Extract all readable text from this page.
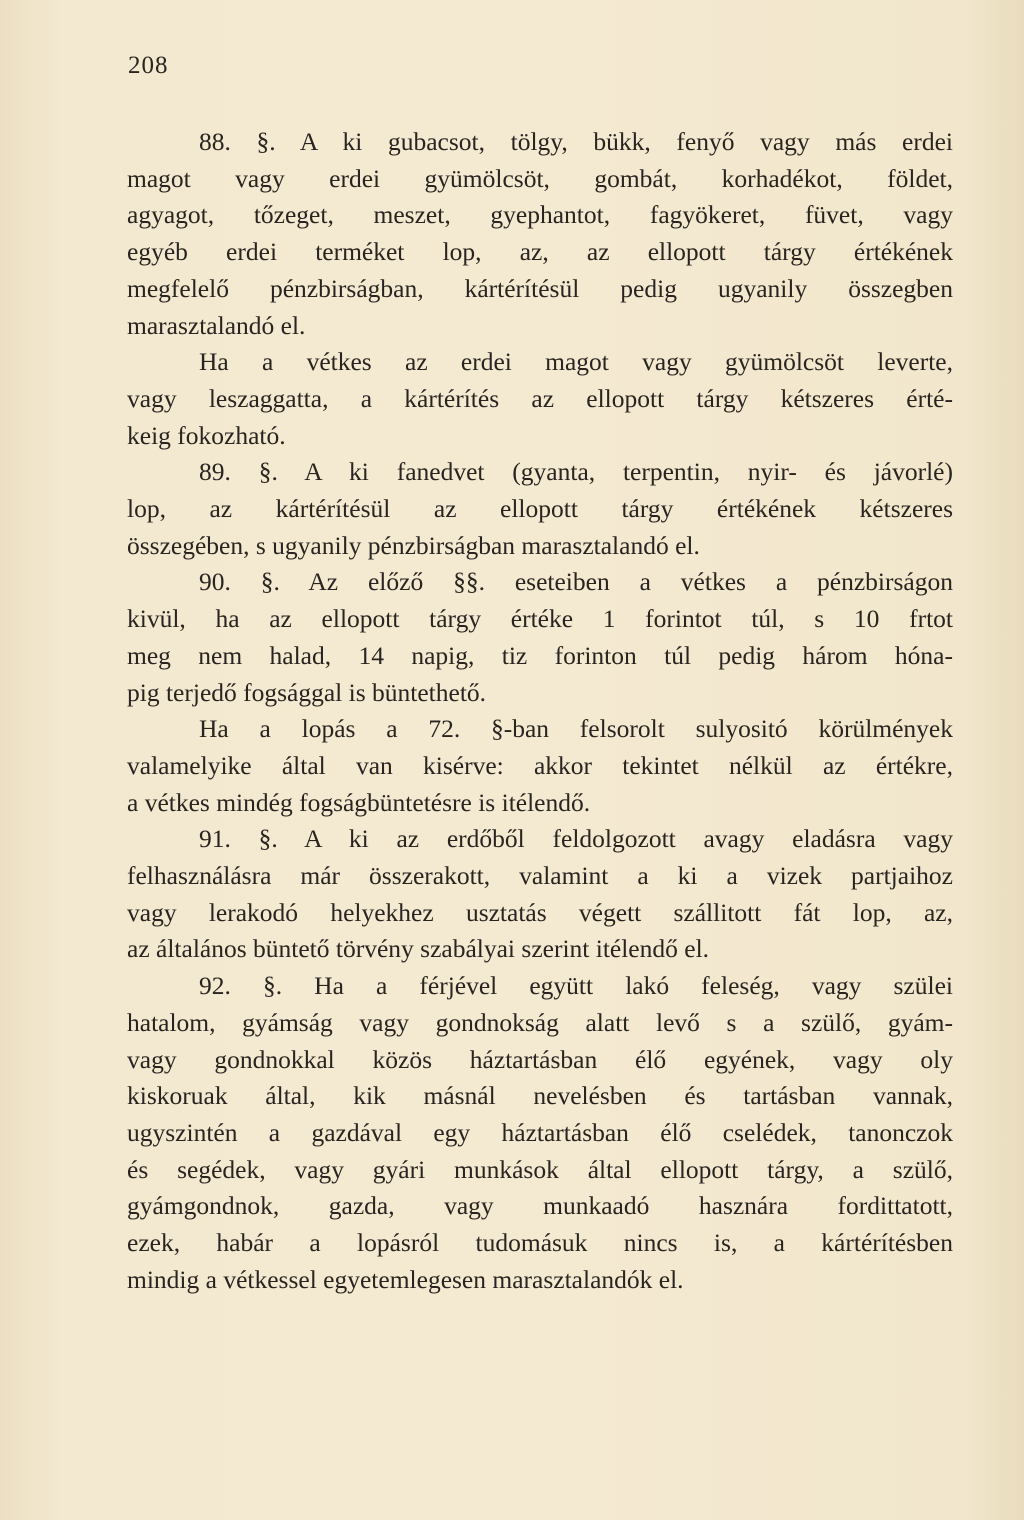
208
88. §. A ki gubacsot, tölgy, bükk, fenyő vagy más erdei
magot vagy erdei gyümölcsöt, gombát, korhadékot, földet,
agyagot, tőzeget, meszet, gyephantot, fagyökeret, füvet, vagy
egyéb erdei terméket lop, az, az ellopott tárgy értékének
megfelelő pénzbirságban, kártérítésül pedig ugyanily összegben
marasztalandó el.
Ha a vétkes az erdei magot vagy gyümölcsöt leverte,
vagy leszaggatta, a kártérítés az ellopott tárgy kétszeres érté-
keig fokozható.
89. §. A ki fanedvet (gyanta, terpentin, nyir- és jávorlé)
lop, az kártérítésül az ellopott tárgy értékének kétszeres
összegében, s ugyanily pénzbirságban marasztalandó el.
90. §. Az előző §§. eseteiben a vétkes a pénzbirságon
kivül, ha az ellopott tárgy értéke 1 forintot túl, s 10 frtot
meg nem halad, 14 napig, tiz forinton túl pedig három hóna-
pig terjedő fogsággal is büntethető.
Ha a lopás a 72. §-ban felsorolt sulyositó körülmények
valamelyike által van kisérve: akkor tekintet nélkül az értékre,
a vétkes mindég fogságbüntetésre is itélendő.
91. §. A ki az erdőből feldolgozott avagy eladásra vagy
felhasználásra már összerakott, valamint a ki a vizek partjaihoz
vagy lerakodó helyekhez usztatás végett szállitott fát lop, az,
az általános büntető törvény szabályai szerint itélendő el.
92. §. Ha a férjével együtt lakó feleség, vagy szülei
hatalom, gyámság vagy gondnokság alatt levő s a szülő, gyám-
vagy gondnokkal közös háztartásban élő egyének, vagy oly
kiskoruak által, kik másnál nevelésben és tartásban vannak,
ugyszintén a gazdával egy háztartásban élő cselédek, tanonczok
és segédek, vagy gyári munkások által ellopott tárgy, a szülő,
gyámgondnok, gazda, vagy munkaadó hasznára fordittatott,
ezek, habár a lopásról tudomásuk nincs is, a kártérítésben
mindig a vétkessel egyetemlegesen marasztalandók el.
